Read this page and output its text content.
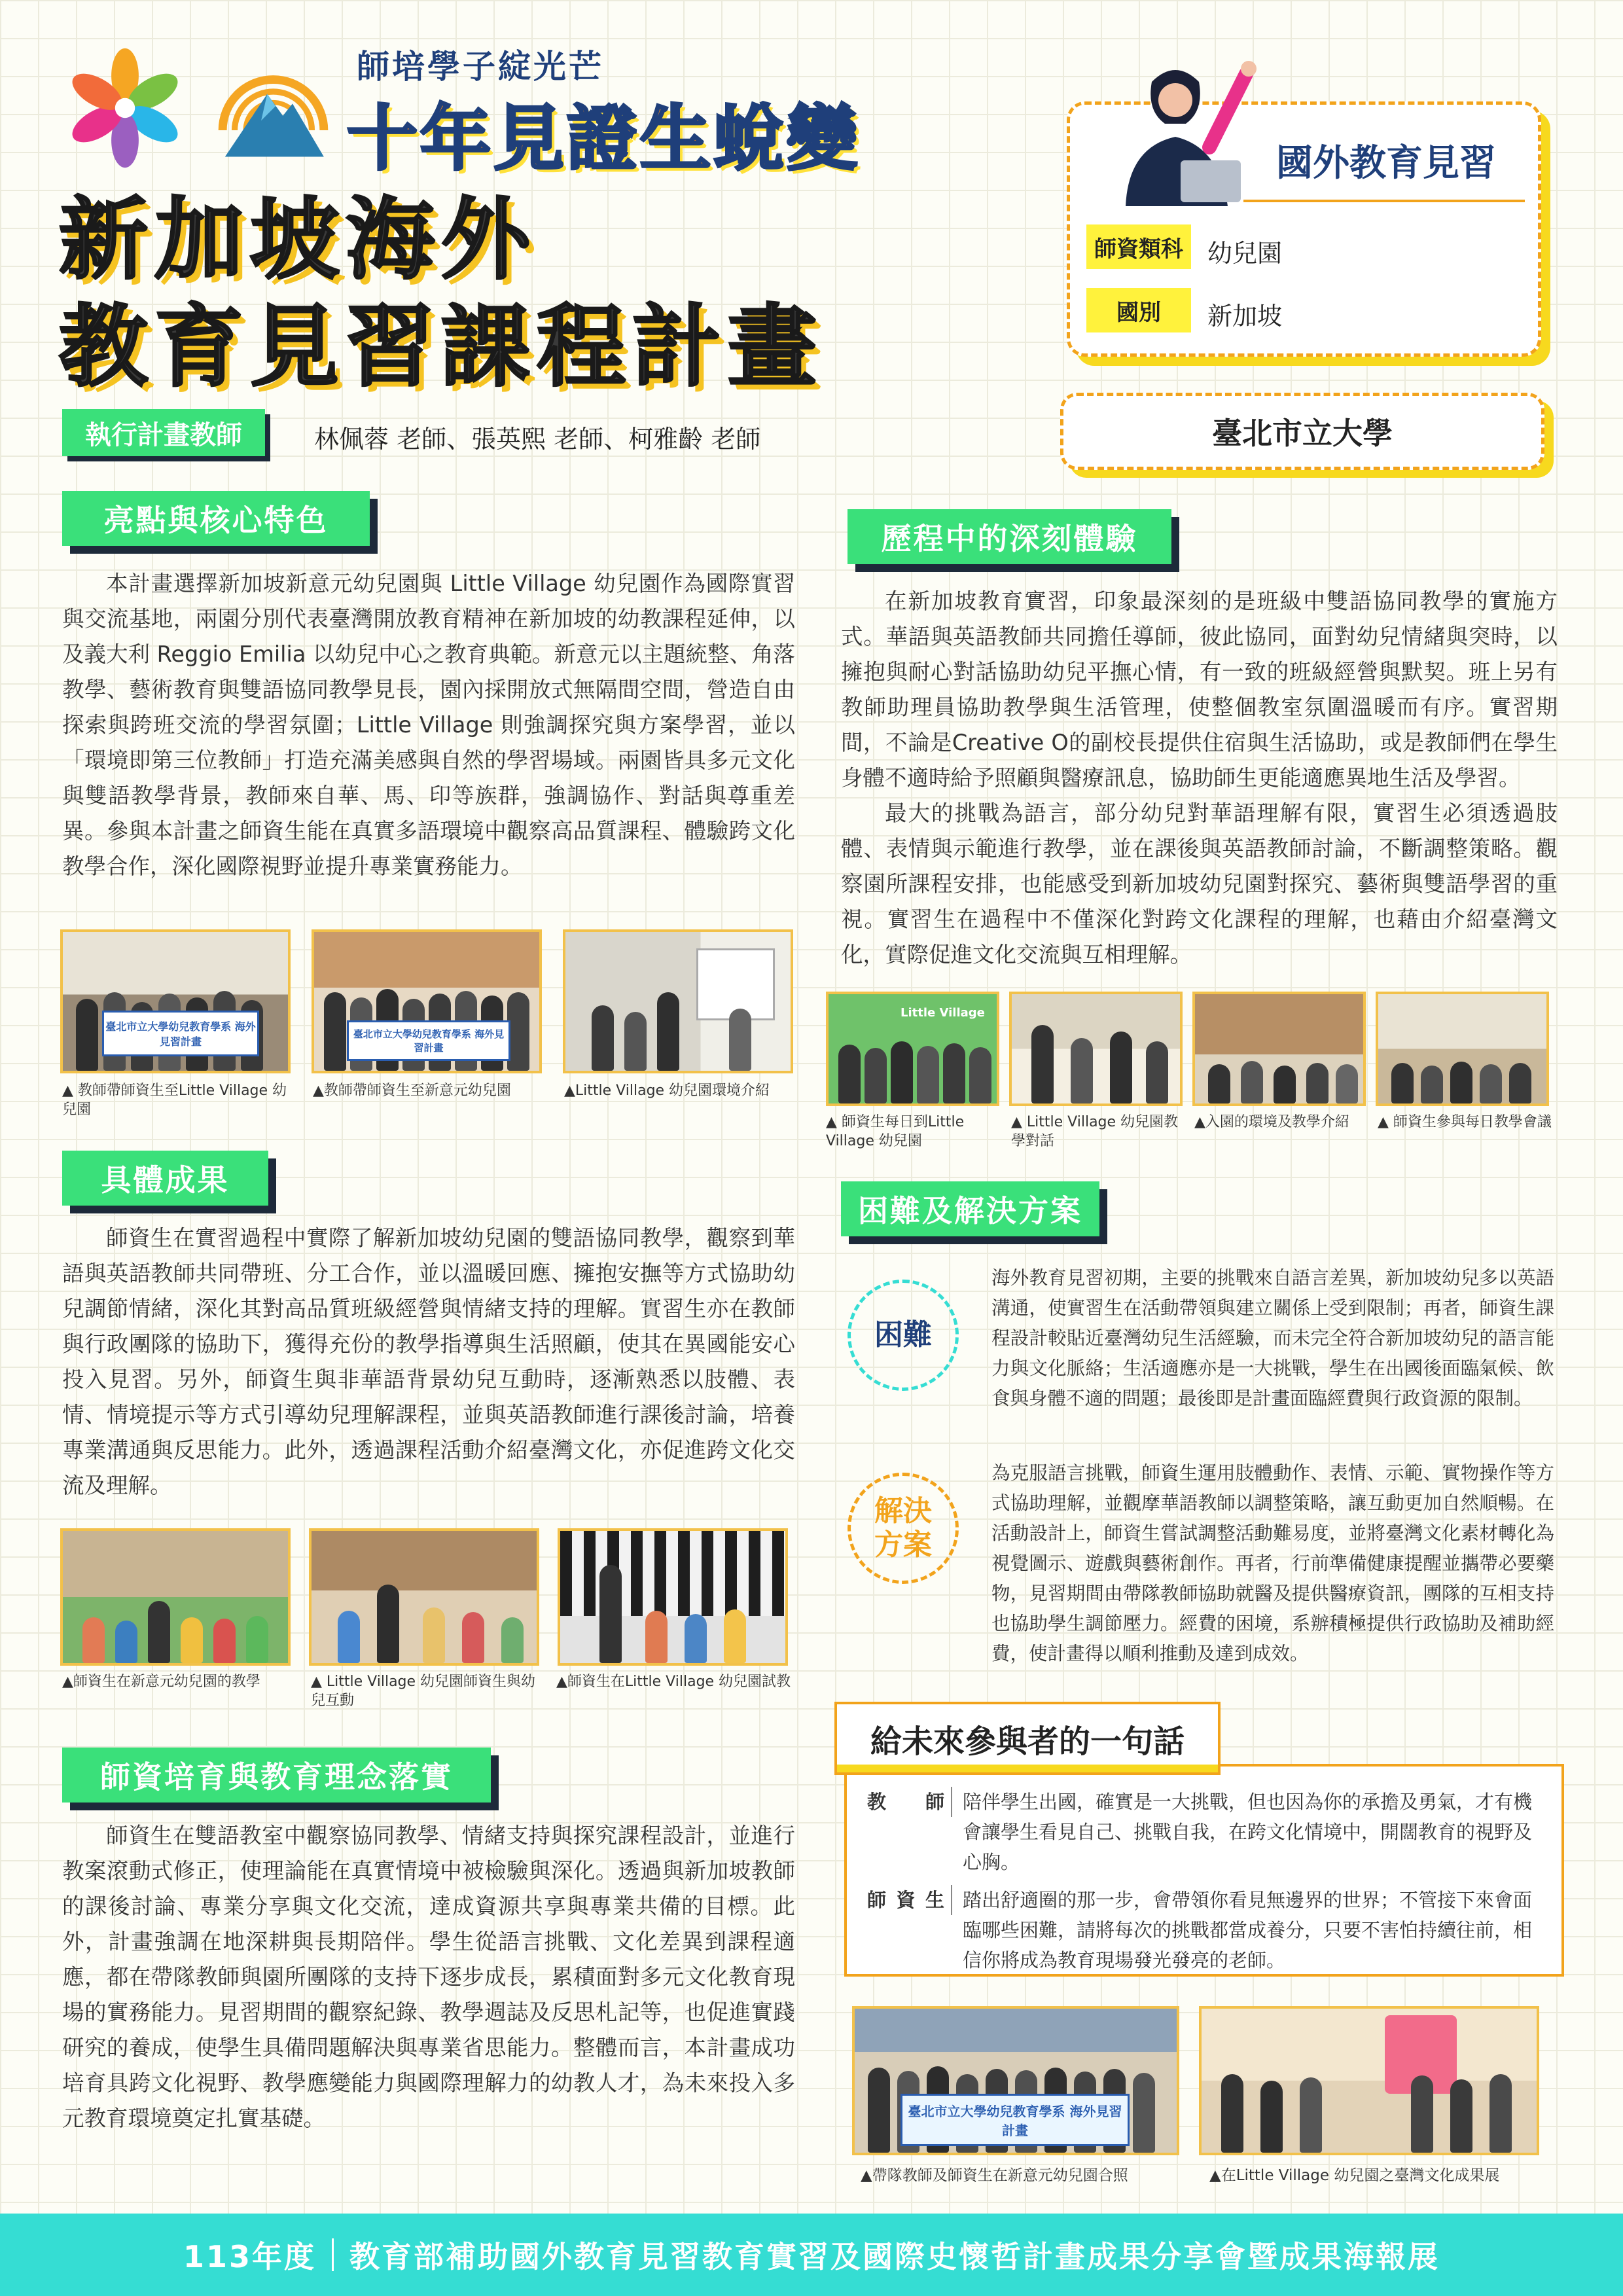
師培學子綻光芒
十年見證生蛻變
新加坡海外
教育見習課程計畫
國外教育見習
師資類科 幼兒園
國別	新加坡
臺北市立大學
執行計畫教師	林佩蓉 老師、張英熙 老師、柯雅齡 老師
亮點與核心特色

本計畫選擇新加坡新意元幼兒園與 Little Village 幼兒園作為國際實習與交流基地，兩園分別代表臺灣開放教育精神在新加坡的幼教課程延伸，以及義大利 Reggio Emilia 以幼兒中心之教育典範。新意元以主題統整、角落教學、藝術教育與雙語協同教學見長，園內採開放式無隔間空間，營造自由探索與跨班交流的學習氛圍；Little Village 則強調探究與方案學習，並以「環境即第三位教師」打造充滿美感與自然的學習場域。兩園皆具多元文化與雙語教學背景，教師來自華、馬、印等族群，強調協作、對話與尊重差異。參與本計畫之師資生能在真實多語環境中觀察高品質課程、體驗跨文化教學合作，深化國際視野並提升專業實務能力。

臺北市立大學幼兒教育學系 海外見習計畫
臺北市立大學幼兒教育學系 海外見習計畫
▲ 教師帶師資生至Little Village 幼兒園
▲教師帶師資生至新意元幼兒園	▲Little Village 幼兒園環境介紹
具體成果

師資生在實習過程中實際了解新加坡幼兒園的雙語協同教學，觀察到華語與英語教師共同帶班、分工合作，並以溫暖回應、擁抱安撫等方式協助幼兒調節情緒，深化其對高品質班級經營與情緒支持的理解。實習生亦在教師與行政團隊的協助下，獲得充份的教學指導與生活照顧，使其在異國能安心投入見習。另外，師資生與非華語背景幼兒互動時，逐漸熟悉以肢體、表情、情境提示等方式引導幼兒理解課程，並與英語教師進行課後討論，培養專業溝通與反思能力。此外，透過課程活動介紹臺灣文化，亦促進跨文化交流及理解。

▲師資生在新意元幼兒園的教學	▲ Little Village 幼兒園師資生與幼兒互動
▲師資生在Little Village 幼兒園試教
師資培育與教育理念落實

師資生在雙語教室中觀察協同教學、情緒支持與探究課程設計，並進行教案滾動式修正，使理論能在真實情境中被檢驗與深化。透過與新加坡教師的課後討論、專業分享與文化交流，達成資源共享與專業共備的目標。此外，計畫強調在地深耕與長期陪伴。學生從語言挑戰、文化差異到課程適應，都在帶隊教師與園所團隊的支持下逐步成長，累積面對多元文化教育現場的實務能力。見習期間的觀察紀錄、教學週誌及反思札記等，也促進實踐研究的養成，使學生具備問題解決與專業省思能力。整體而言，本計畫成功培育具跨文化視野、教學應變能力與國際理解力的幼教人才，為未來投入多元教育環境奠定扎實基礎。

歷程中的深刻體驗

在新加坡教育實習，印象最深刻的是班級中雙語協同教學的實施方式。華語與英語教師共同擔任導師，彼此協同，面對幼兒情緒與突時，以擁抱與耐心對話協助幼兒平撫心情，有一致的班級經營與默契。班上另有教師助理員協助教學與生活管理，使整個教室氛圍溫暖而有序。實習期間，不論是Creative O的副校長提供住宿與生活協助，或是教師們在學生身體不適時給予照顧與醫療訊息，協助師生更能適應異地生活及學習。

最大的挑戰為語言，部分幼兒對華語理解有限，實習生必須透過肢體、表情與示範進行教學，並在課後與英語教師討論，不斷調整策略。觀察園所課程安排，也能感受到新加坡幼兒園對探究、藝術與雙語學習的重視。實習生在過程中不僅深化對跨文化課程的理解，也藉由介紹臺灣文化，實際促進文化交流與互相理解。

Little Village
▲ 師資生每日到Little Village 幼兒園
▲ Little Village 幼兒園教學對話
▲入園的環境及教學介紹	▲ 師資生參與每日教學會議
困難及解決方案
困難
海外教育見習初期，主要的挑戰來自語言差異，新加坡幼兒多以英語溝通，使實習生在活動帶領與建立關係上受到限制；再者，師資生課程設計較貼近臺灣幼兒生活經驗，而未完全符合新加坡幼兒的語言能力與文化脈絡；生活適應亦是一大挑戰，學生在出國後面臨氣候、飲食與身體不適的問題；最後即是計畫面臨經費與行政資源的限制。
解決
方案
為克服語言挑戰，師資生運用肢體動作、表情、示範、實物操作等方式協助理解，並觀摩華語教師以調整策略，讓互動更加自然順暢。在活動設計上，師資生嘗試調整活動難易度，並將臺灣文化素材轉化為視覺圖示、遊戲與藝術創作。再者，行前準備健康提醒並攜帶必要藥物，見習期間由帶隊教師協助就醫及提供醫療資訊，團隊的互相支持也協助學生調節壓力。經費的困境，系辦積極提供行政協助及補助經費，使計畫得以順利推動及達到成效。
給未來參與者的一句話
教師 陪伴學生出國，確實是一大挑戰，但也因為你的承擔及勇氣，才有機會讓學生看見自己、挑戰自我，在跨文化情境中，開闊教育的視野及心胸。
師資生 踏出舒適圈的那一步，會帶領你看見無邊界的世界；不管接下來會面臨哪些困難，請將每次的挑戰都當成養分，只要不害怕持續往前，相信你將成為教育現場發光發亮的老師。
臺北市立大學幼兒教育學系 海外見習計畫
▲帶隊教師及師資生在新意元幼兒園合照	▲在Little Village 幼兒園之臺灣文化成果展
113年度 教育部補助國外教育見習教育實習及國際史懷哲計畫成果分享會暨成果海報展
